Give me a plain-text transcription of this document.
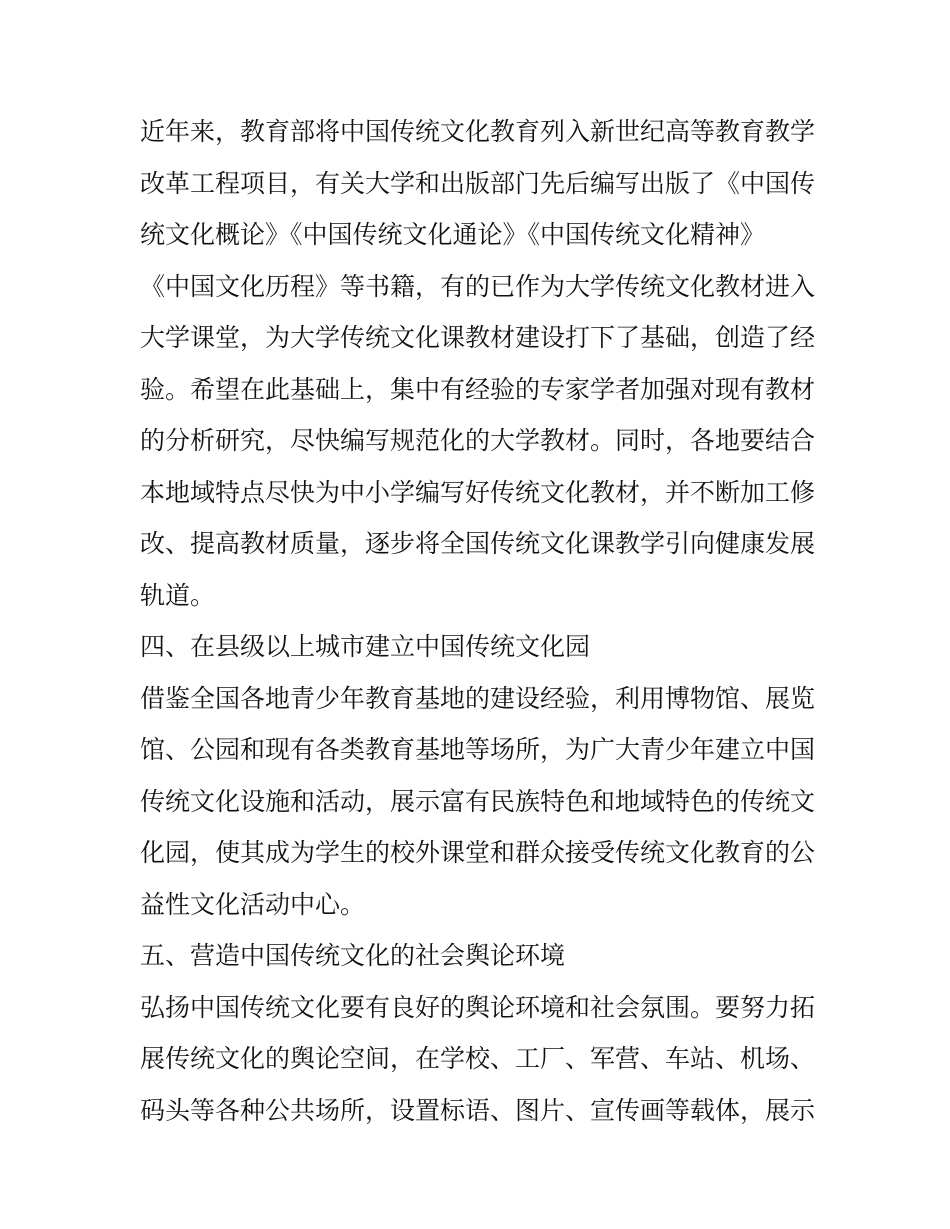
近年来，教育部将中国传统文化教育列入新世纪高等教育教学
改革工程项目，有关大学和出版部门先后编写出版了《中国传
统文化概论》《中国传统文化通论》《中国传统文化精神》
《中国文化历程》等书籍，有的已作为大学传统文化教材进入
大学课堂，为大学传统文化课教材建设打下了基础，创造了经
验。希望在此基础上，集中有经验的专家学者加强对现有教材
的分析研究，尽快编写规范化的大学教材。同时，各地要结合
本地域特点尽快为中小学编写好传统文化教材，并不断加工修
改、提高教材质量，逐步将全国传统文化课教学引向健康发展
轨道。
四、在县级以上城市建立中国传统文化园
借鉴全国各地青少年教育基地的建设经验，利用博物馆、展览
馆、公园和现有各类教育基地等场所，为广大青少年建立中国
传统文化设施和活动，展示富有民族特色和地域特色的传统文
化园，使其成为学生的校外课堂和群众接受传统文化教育的公
益性文化活动中心。
五、营造中国传统文化的社会舆论环境
弘扬中国传统文化要有良好的舆论环境和社会氛围。要努力拓
展传统文化的舆论空间，在学校、工厂、军营、车站、机场、
码头等各种公共场所，设置标语、图片、宣传画等载体，展示
